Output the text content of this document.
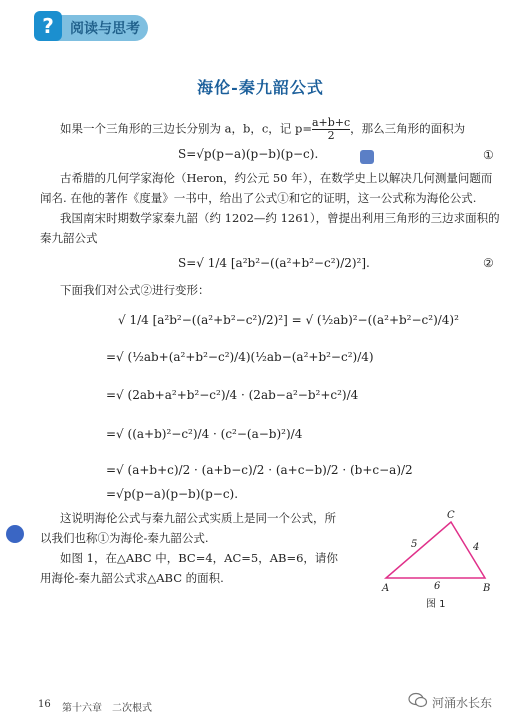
?	阅读与思考
海伦-秦九韶公式
如果一个三角形的三边长分别为 a，b，c，记 $p= \frac{a+b+c}{2}$ ，那么三角形的面积为
S=√p(p−a)(p−b)(p−c).	①
古希腊的几何学家海伦（Heron，约公元 50 年），在数学史上以解决几何测量问题而
闻名. 在他的著作《度量》一书中，给出了公式①和它的证明，这一公式称为海伦公式.
我国南宋时期数学家秦九韶（约 1202—约 1261），曾提出利用三角形的三边求面积的
秦九韶公式
S=√ 1/4 [a²b²−((a²+b²−c²)/2)²].	②
下面我们对公式②进行变形：
√ 1/4 [a²b²−((a²+b²−c²)/2)²] = √ (½ab)²−((a²+b²−c²)/4)²
=√ (½ab+(a²+b²−c²)/4)(½ab−(a²+b²−c²)/4)
=√ (2ab+a²+b²−c²)/4 · (2ab−a²−b²+c²)/4
=√ ((a+b)²−c²)/4 · (c²−(a−b)²)/4
=√ (a+b+c)/2 · (a+b−c)/2 · (a+c−b)/2 · (b+c−a)/2
=√p(p−a)(p−b)(p−c).
这说明海伦公式与秦九韶公式实质上是同一个公式，所
以我们也称①为海伦-秦九韶公式.
如图 1，在△ABC 中，BC=4，AC=5，AB=6，请你
用海伦-秦九韶公式求△ABC 的面积.
A	B
C
5	4
6
图 1
16 第十六章　二次根式	河涌水长东
